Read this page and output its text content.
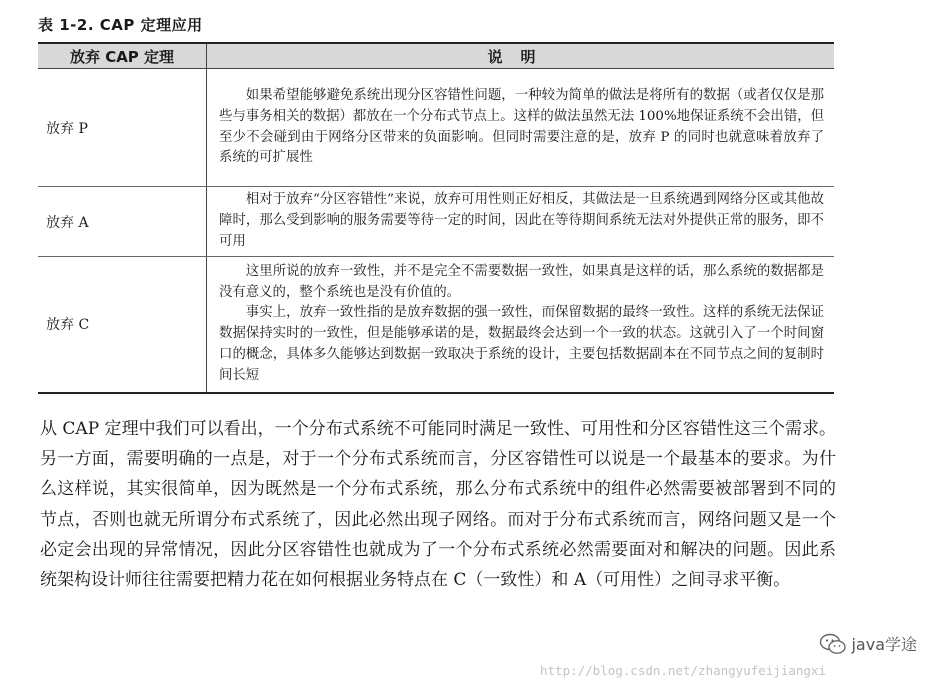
表 1-2. CAP 定理应用
放弃 CAP 定理	说明
放弃 P	如果希望能够避免系统出现分区容错性问题，一种较为简单的做法是将所有的数据（或者仅仅是那些与事务相关的数据）都放在一个分布式节点上。这样的做法虽然无法 100%地保证系统不会出错，但至少不会碰到由于网络分区带来的负面影响。但同时需要注意的是，放弃 P 的同时也就意味着放弃了系统的可扩展性

放弃 A	相对于放弃“分区容错性”来说，放弃可用性则正好相反，其做法是一旦系统遇到网络分区或其他故障时，那么受到影响的服务需要等待一定的时间，因此在等待期间系统无法对外提供正常的服务，即不可用

放弃 C	这里所说的放弃一致性，并不是完全不需要数据一致性，如果真是这样的话，那么系统的数据都是没有意义的，整个系统也是没有价值的。

事实上，放弃一致性指的是放弃数据的强一致性，而保留数据的最终一致性。这样的系统无法保证数据保持实时的一致性，但是能够承诺的是，数据最终会达到一个一致的状态。这就引入了一个时间窗口的概念，具体多久能够达到数据一致取决于系统的设计，主要包括数据副本在不同节点之间的复制时间长短

从 CAP 定理中我们可以看出，一个分布式系统不可能同时满足一致性、可用性和分区容错性这三个需求。另一方面，需要明确的一点是，对于一个分布式系统而言，分区容错性可以说是一个最基本的要求。为什么这样说，其实很简单，因为既然是一个分布式系统，那么分布式系统中的组件必然需要被部署到不同的节点，否则也就无所谓分布式系统了，因此必然出现子网络。而对于分布式系统而言，网络问题又是一个必定会出现的异常情况，因此分区容错性也就成为了一个分布式系统必然需要面对和解决的问题。因此系统架构设计师往往需要把精力花在如何根据业务特点在 C（一致性）和 A（可用性）之间寻求平衡。

java学途
http://blog.csdn.net/zhangyufeijiangxi
